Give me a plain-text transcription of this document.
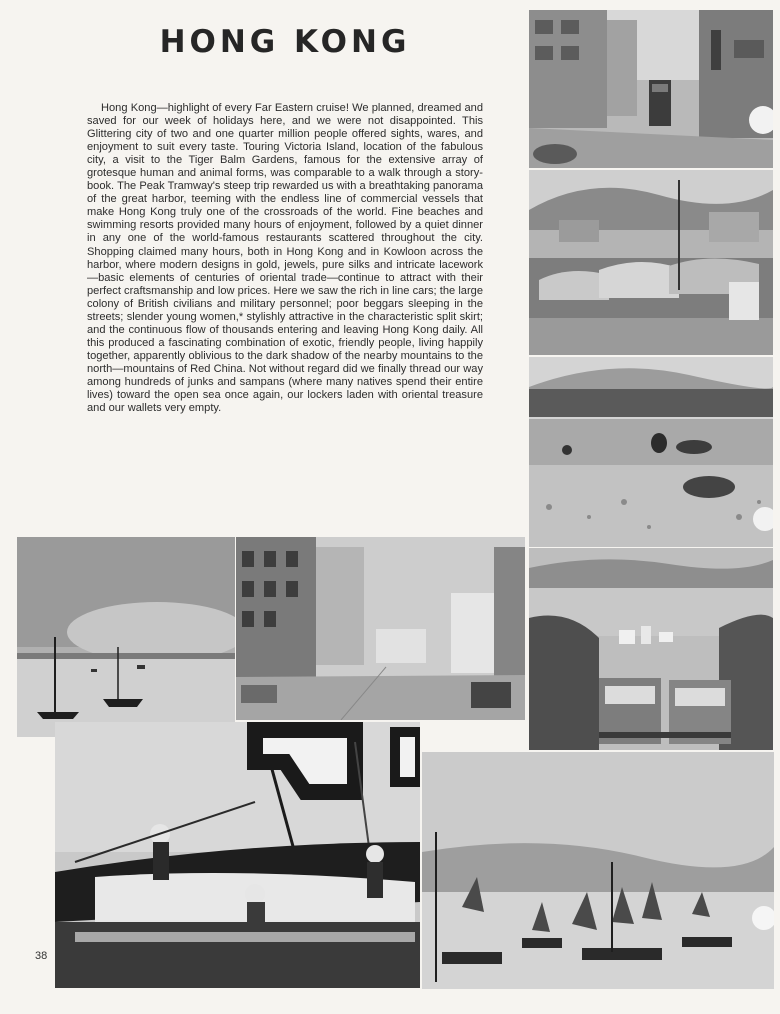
HONG KONG

Hong Kong—highlight of every Far Eastern cruise! We planned, dreamed and saved for our week of holidays here, and we were not disappointed. This Glittering city of two and one quarter million people offered sights, wares, and enjoyment to suit every taste. Touring Victoria Island, location of the fabulous city, a visit to the Tiger Balm Gardens, famous for the extensive array of grotesque human and animal forms, was comparable to a walk through a story-book. The Peak Tramway's steep trip rewarded us with a breathtaking panorama of the great harbor, teeming with the endless line of commercial vessels that make Hong Kong truly one of the crossroads of the world. Fine beaches and swimming resorts provided many hours of enjoyment, followed by a quiet dinner in any one of the world-famous restaurants scattered throughout the city. Shopping claimed many hours, both in Hong Kong and in Kowloon across the harbor, where modern designs in gold, jewels, pure silks and intricate lacework—basic elements of centuries of oriental trade—continue to attract with their perfect craftsmanship and low prices. Here we saw the rich in line cars; the large colony of British civilians and military personnel; poor beggars sleeping in the streets; slender young women,* stylishly attractive in the characteristic split skirt; and the continuous flow of thousands entering and leaving Hong Kong daily. All this produced a fascinating combination of exotic, friendly people, living happily together, apparently oblivious to the dark shadow of the nearby mountains to the north—mountains of Red China. Not without regard did we finally thread our way among hundreds of junks and sampans (where many natives spend their entire lives) toward the open sea once again, our lockers laden with oriental treasure and our wallets very empty.

38
